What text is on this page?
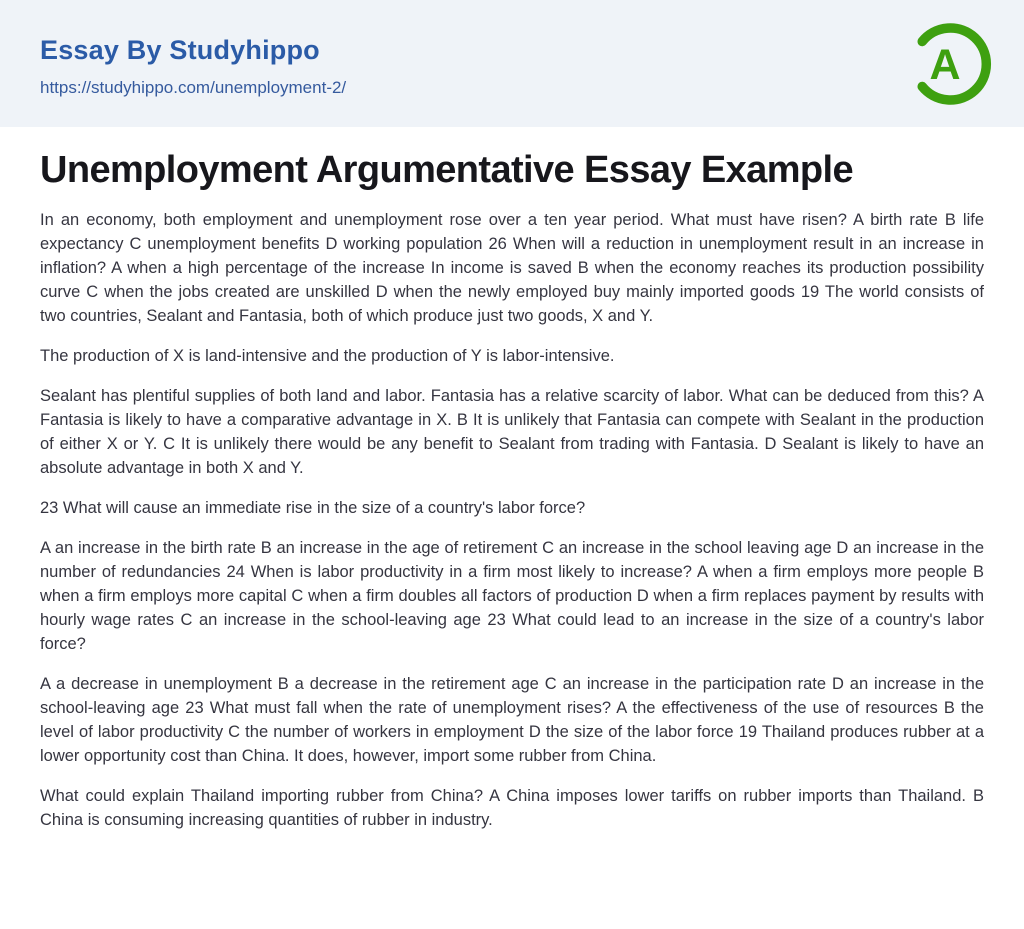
Essay By Studyhippo
https://studyhippo.com/unemployment-2/	A
Unemployment Argumentative Essay Example

In an economy, both employment and unemployment rose over a ten year period. What must have risen? A birth rate B life expectancy C unemployment benefits D working population 26 When will a reduction in unemployment result in an increase in inflation? A when a high percentage of the increase In income is saved B when the economy reaches its production possibility curve C when the jobs created are unskilled D when the newly employed buy mainly imported goods 19 The world consists of two countries, Sealant and Fantasia, both of which produce just two goods, X and Y.

The production of X is land-intensive and the production of Y is labor-intensive.

Sealant has plentiful supplies of both land and labor. Fantasia has a relative scarcity of labor. What can be deduced from this? A Fantasia is likely to have a comparative advantage in X. B It is unlikely that Fantasia can compete with Sealant in the production of either X or Y. C It is unlikely there would be any benefit to Sealant from trading with Fantasia. D Sealant is likely to have an absolute advantage in both X and Y.

23 What will cause an immediate rise in the size of a country's labor force?

A an increase in the birth rate B an increase in the age of retirement C an increase in the school leaving age D an increase in the number of redundancies 24 When is labor productivity in a firm most likely to increase? A when a firm employs more people B when a firm employs more capital C when a firm doubles all factors of production D when a firm replaces payment by results with hourly wage rates C an increase in the school-leaving age 23 What could lead to an increase in the size of a country's labor force?

A a decrease in unemployment B a decrease in the retirement age C an increase in the participation rate D an increase in the school-leaving age 23 What must fall when the rate of unemployment rises? A the effectiveness of the use of resources B the level of labor productivity C the number of workers in employment D the size of the labor force 19 Thailand produces rubber at a lower opportunity cost than China. It does, however, import some rubber from China.

What could explain Thailand importing rubber from China? A China imposes lower tariffs on rubber imports than Thailand. B China is consuming increasing quantities of rubber in industry.
